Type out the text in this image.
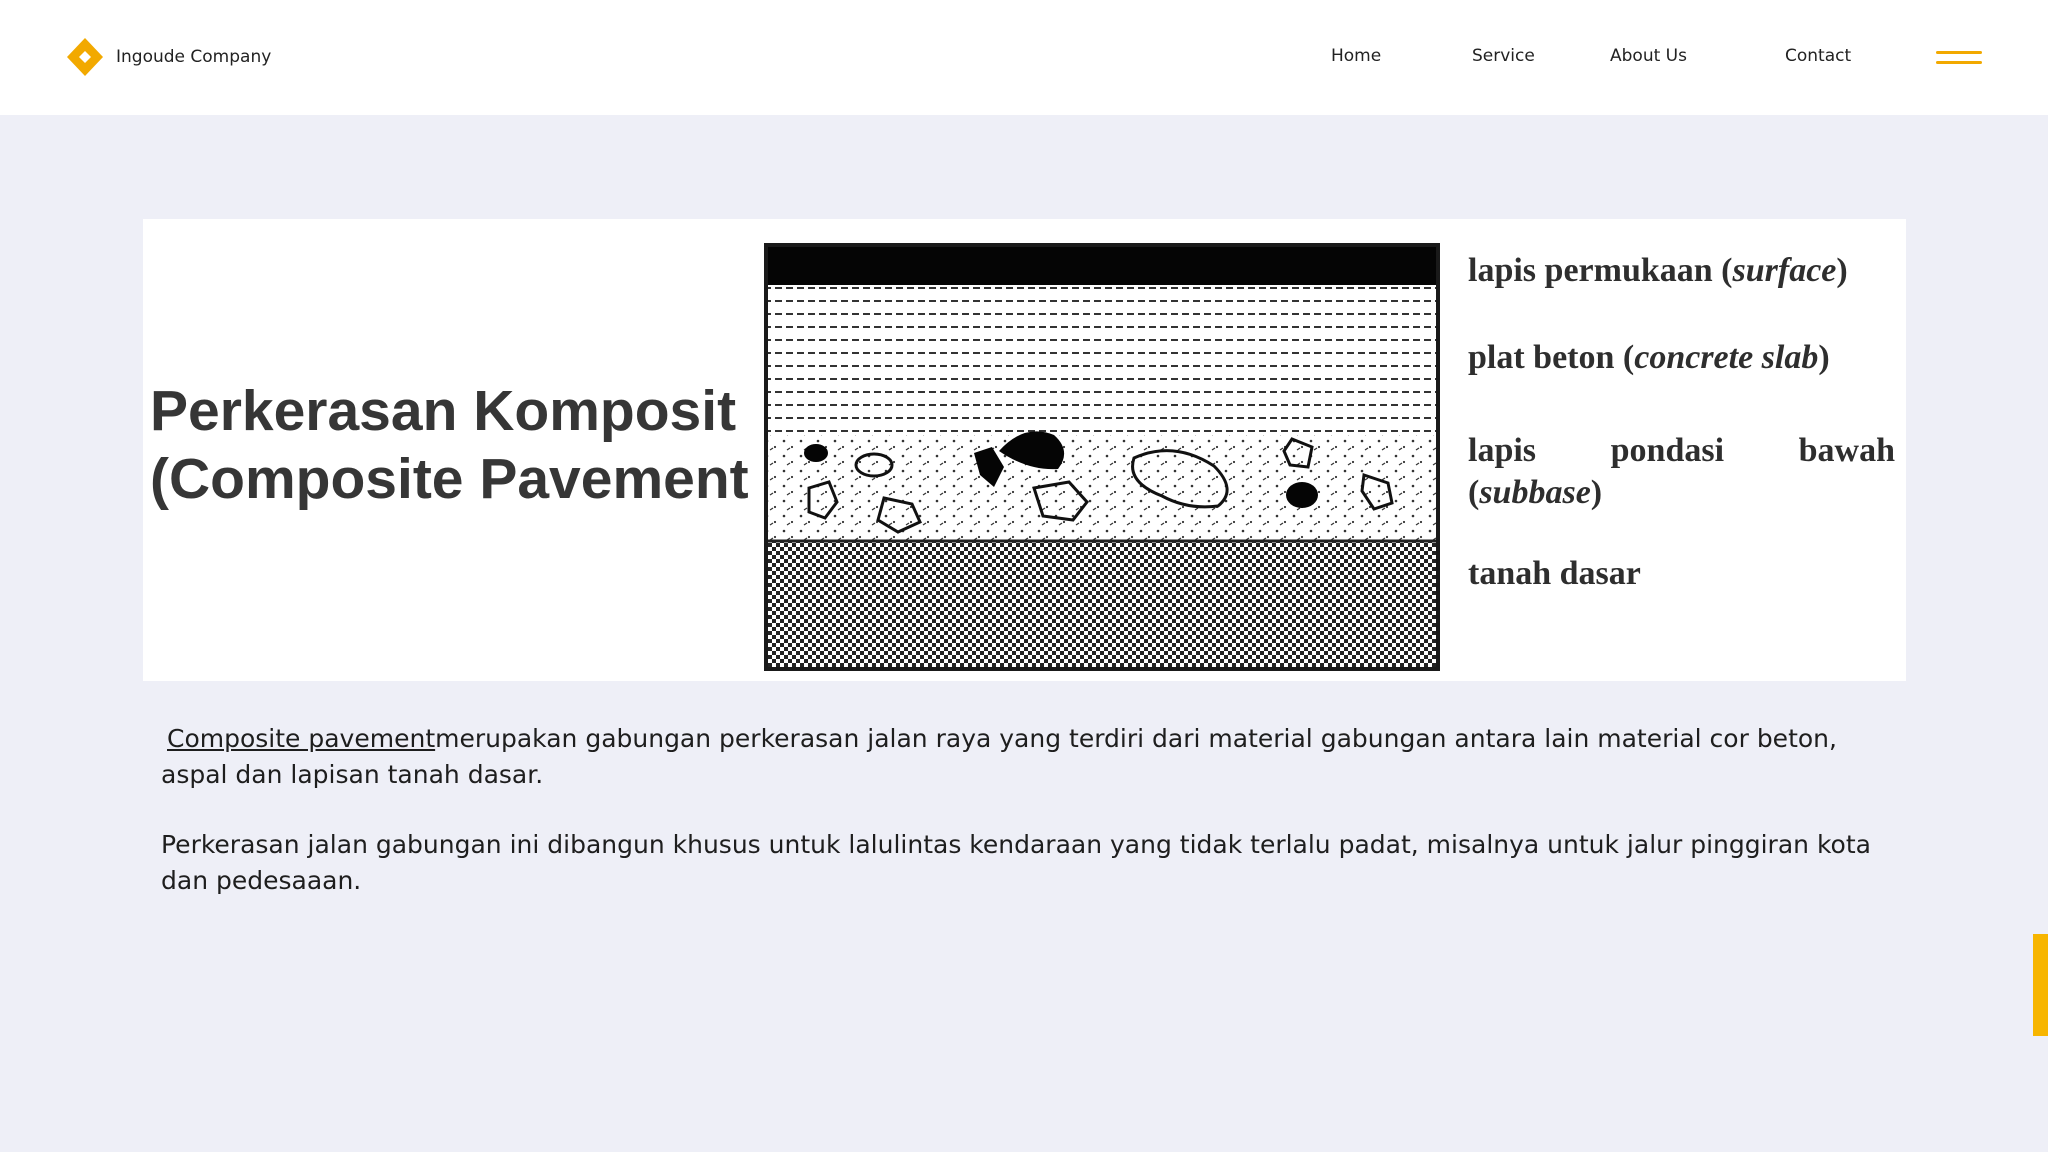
Ingoude Company	Home	Service	About Us	Contact
Perkerasan Komposit
(Composite Pavement
lapis permukaan (surface)
plat beton (concrete slab)
lapis pondasi bawah
(subbase)
tanah dasar

Composite pavementmerupakan gabungan perkerasan jalan raya yang terdiri dari material gabungan antara lain material cor beton, aspal dan lapisan tanah dasar.

Perkerasan jalan gabungan ini dibangun khusus untuk lalulintas kendaraan yang tidak terlalu padat, misalnya untuk jalur pinggiran kota dan pedesaaan.
